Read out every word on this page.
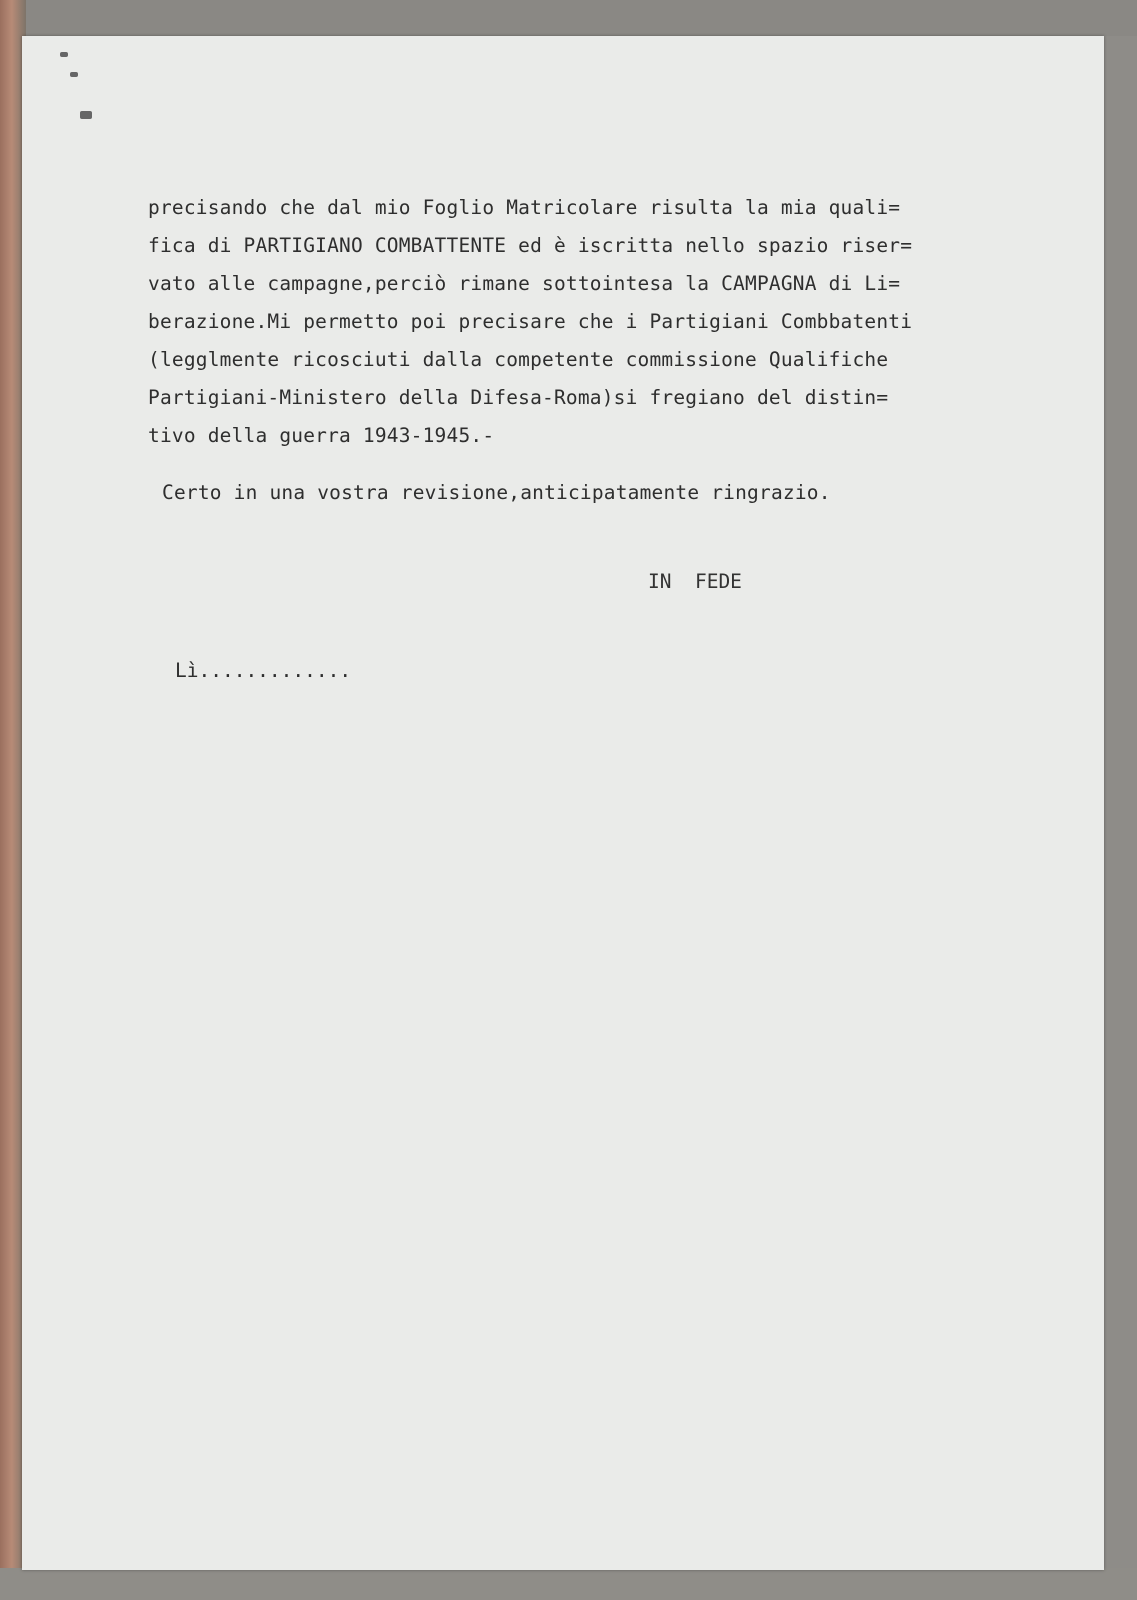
precisando che dal mio Foglio Matricolare risulta la mia quali=

fica di PARTIGIANO COMBATTENTE ed è iscritta nello spazio riser=

vato alle campagne,perciò rimane sottointesa la CAMPAGNA di Li=

berazione.Mi permetto poi precisare che i Partigiani Combbatenti

(legglmente ricosciuti dalla competente commissione Qualifiche

Partigiani-Ministero della Difesa-Roma)si fregiano del distin=

tivo della guerra 1943-1945.-

Certo in una vostra revisione,anticipatamente ringrazio.

IN  FEDE

Lì.............
